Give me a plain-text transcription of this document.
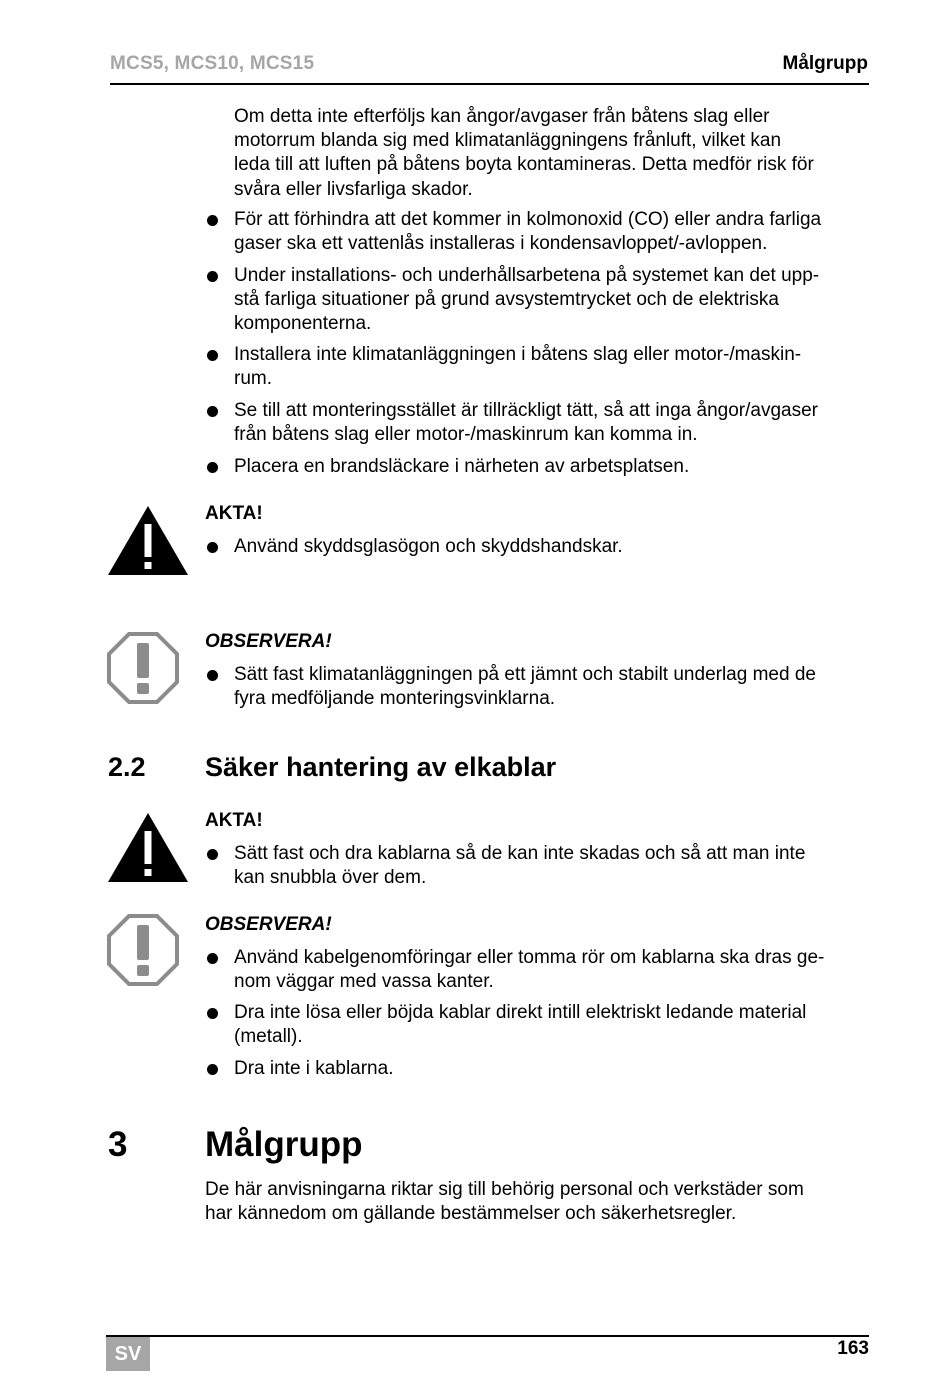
MCS5, MCS10, MCS15	Målgrupp
Om detta inte efterföljs kan ångor/avgaser från båtens slag eller
motorrum blanda sig med klimatanläggningens frånluft, vilket kan
leda till att luften på båtens boyta kontamineras. Detta medför risk för
svåra eller livsfarliga skador.
För att förhindra att det kommer in kolmonoxid (CO) eller andra farliga
gaser ska ett vattenlås installeras i kondensavloppet/-avloppen.
Under installations- och underhållsarbetena på systemet kan det upp-
stå farliga situationer på grund avsystemtrycket och de elektriska
komponenterna.
Installera inte klimatanläggningen i båtens slag eller motor-/maskin-
rum.
Se till att monteringsstället är tillräckligt tätt, så att inga ångor/avgaser
från båtens slag eller motor-/maskinrum kan komma in.
Placera en brandsläckare i närheten av arbetsplatsen.
AKTA!
Använd skyddsglasögon och skyddshandskar.
OBSERVERA!
Sätt fast klimatanläggningen på ett jämnt och stabilt underlag med de
fyra medföljande monteringsvinklarna.
2.2 Säker hantering av elkablar
AKTA!
Sätt fast och dra kablarna så de kan inte skadas och så att man inte
kan snubbla över dem.
OBSERVERA!
Använd kabelgenomföringar eller tomma rör om kablarna ska dras ge-
nom väggar med vassa kanter.
Dra inte lösa eller böjda kablar direkt intill elektriskt ledande material
(metall).
Dra inte i kablarna.
3 Målgrupp
De här anvisningarna riktar sig till behörig personal och verkstäder som
har kännedom om gällande bestämmelser och säkerhetsregler.
SV	163
